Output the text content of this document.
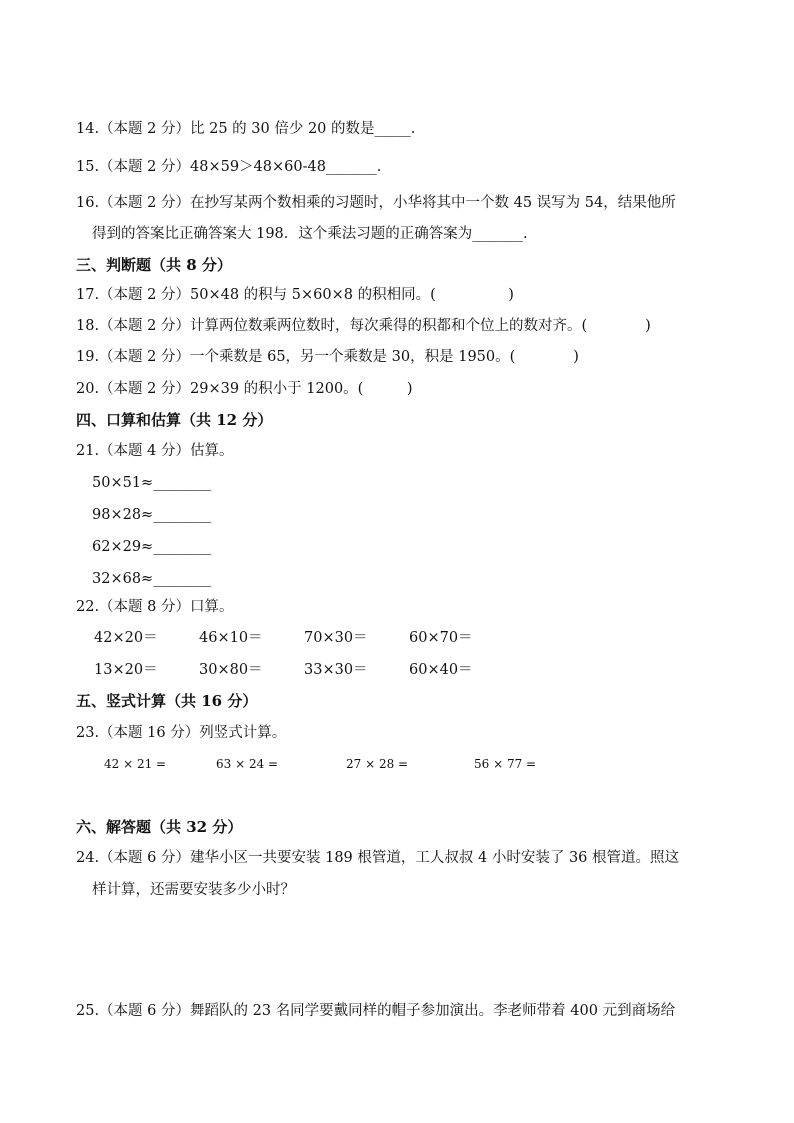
14.（本题 2 分）比 25 的 30 倍少 20 的数是_____.
15.（本题 2 分）48×59＞48×60-48_______.
16.（本题 2 分）在抄写某两个数相乘的习题时，小华将其中一个数 45 误写为 54，结果他所
得到的答案比正确答案大 198．这个乘法习题的正确答案为_______.
三、判断题（共 8 分）
17.（本题 2 分）50×48 的积与 5×60×8 的积相同。(　　　　　)
18.（本题 2 分）计算两位数乘两位数时，每次乘得的积都和个位上的数对齐。(　　　　)
19.（本题 2 分）一个乘数是 65，另一个乘数是 30，积是 1950。(　　　　)
20.（本题 2 分）29×39 的积小于 1200。(　　　)
四、口算和估算（共 12 分）
21.（本题 4 分）估算。
50×51≈________
98×28≈________
62×29≈________
32×68≈________
22.（本题 8 分）口算。
42×20＝	46×10＝	70×30＝	60×70＝
13×20＝	30×80＝	33×30＝	60×40＝
五、竖式计算（共 16 分）
23.（本题 16 分）列竖式计算。
42 × 21 =	63 × 24 =	27 × 28 =	56 × 77 =
六、解答题（共 32 分）
24.（本题 6 分）建华小区一共要安装 189 根管道，工人叔叔 4 小时安装了 36 根管道。照这
样计算，还需要安装多少小时？
25.（本题 6 分）舞蹈队的 23 名同学要戴同样的帽子参加演出。李老师带着 400 元到商场给
